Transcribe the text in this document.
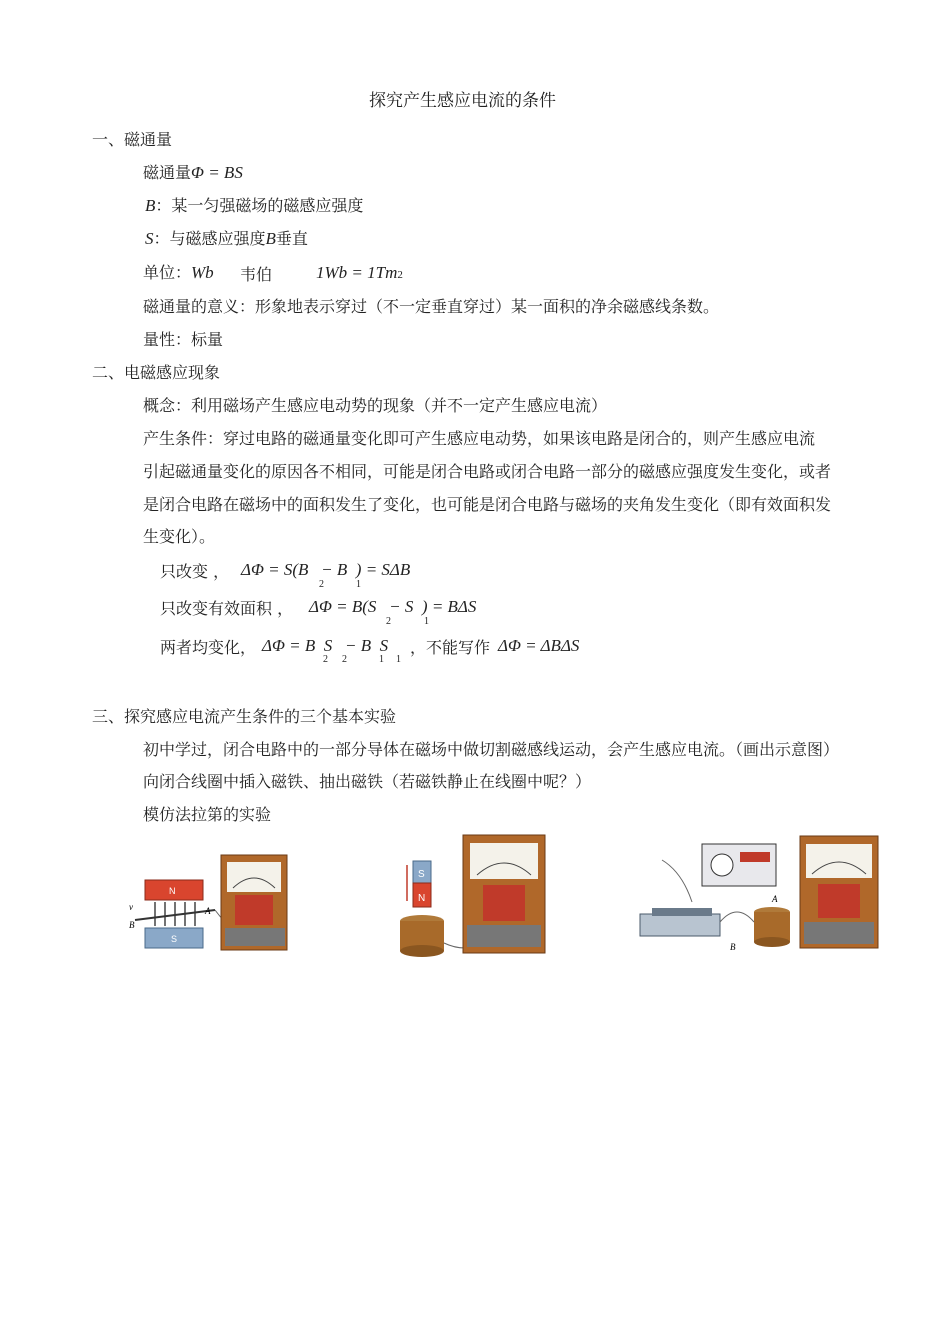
探究产生感应电流的条件
一、磁通量
磁通量Φ = BS
B：某一匀强磁场的磁感应强度
S：与磁感应强度B垂直
单位：Wb 韦伯	1Wb = 1Tm2
磁通量的意义：形象地表示穿过（不一定垂直穿过）某一面积的净余磁感线条数。
量性：标量
二、电磁感应现象
概念：利用磁场产生感应电动势的现象（并不一定产生感应电流）
产生条件：穿过电路的磁通量变化即可产生感应电动势，如果该电路是闭合的，则产生感应电流
引起磁通量变化的原因各不相同，可能是闭合电路或闭合电路一部分的磁感应强度发生变化，或者
是闭合电路在磁场中的面积发生了变化，也可能是闭合电路与磁场的夹角发生变化（即有效面积发
生变化）。
只改变 ， ΔΦ = S(B   − B  ) = SΔB
2	1
只改变有效面积 ， ΔΦ = B(S   − S  ) = BΔS
2	1
两者均变化， ΔΦ = B  S   − B  S
2 2	1 1
，不能写作 ΔΦ = ΔBΔS
三、探究感应电流产生条件的三个基本实验
初中学过，闭合电路中的一部分导体在磁场中做切割磁感线运动，会产生感应电流。（画出示意图）
向闭合线圈中插入磁铁、抽出磁铁（若磁铁静止在线圈中呢？）
模仿法拉第的实验
N
S
A
B
v
S
N	A
B
